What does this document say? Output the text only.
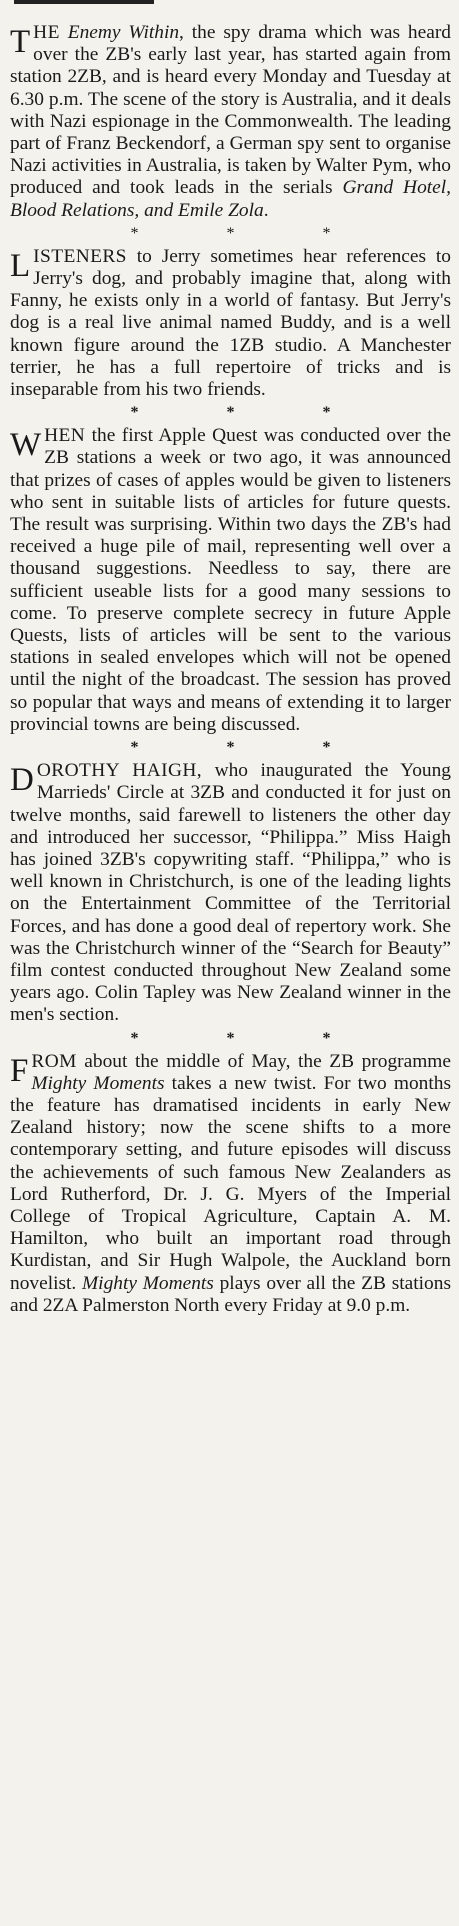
THE Enemy Within, the spy drama which was heard over the ZB's early last year, has started again from station 2ZB, and is heard every Monday and Tuesday at 6.30 p.m. The scene of the story is Australia, and it deals with Nazi espionage in the Commonwealth. The leading part of Franz Beckendorf, a German spy sent to organise Nazi activities in Australia, is taken by Walter Pym, who produced and took leads in the serials Grand Hotel, Blood Relations, and Emile Zola.

* * *

LISTENERS to Jerry sometimes hear references to Jerry's dog, and probably imagine that, along with Fanny, he exists only in a world of fantasy. But Jerry's dog is a real live animal named Buddy, and is a well known figure around the 1ZB studio. A Manchester terrier, he has a full repertoire of tricks and is inseparable from his two friends.

* * *

WHEN the first Apple Quest was conducted over the ZB stations a week or two ago, it was announced that prizes of cases of apples would be given to listeners who sent in suitable lists of articles for future quests. The result was surprising. Within two days the ZB's had received a huge pile of mail, representing well over a thousand suggestions. Needless to say, there are sufficient useable lists for a good many sessions to come. To preserve complete secrecy in future Apple Quests, lists of articles will be sent to the various stations in sealed envelopes which will not be opened until the night of the broadcast. The session has proved so popular that ways and means of extending it to larger provincial towns are being discussed.

* * *

DOROTHY HAIGH, who inaugurated the Young Marrieds' Circle at 3ZB and conducted it for just on twelve months, said farewell to listeners the other day and introduced her successor, “Philippa.” Miss Haigh has joined 3ZB's copywriting staff. “Philippa,” who is well known in Christchurch, is one of the leading lights on the Entertainment Committee of the Territorial Forces, and has done a good deal of repertory work. She was the Christchurch winner of the “Search for Beauty” film contest conducted throughout New Zealand some years ago. Colin Tapley was New Zealand winner in the men's section.

* * *

FROM about the middle of May, the ZB programme Mighty Moments takes a new twist. For two months the feature has dramatised incidents in early New Zealand history; now the scene shifts to a more contemporary setting, and future episodes will discuss the achievements of such famous New Zealanders as Lord Rutherford, Dr. J. G. Myers of the Imperial College of Tropical Agriculture, Captain A. M. Hamilton, who built an important road through Kurdistan, and Sir Hugh Walpole, the Auckland born novelist. Mighty Moments plays over all the ZB stations and 2ZA Palmerston North every Friday at 9.0 p.m.
